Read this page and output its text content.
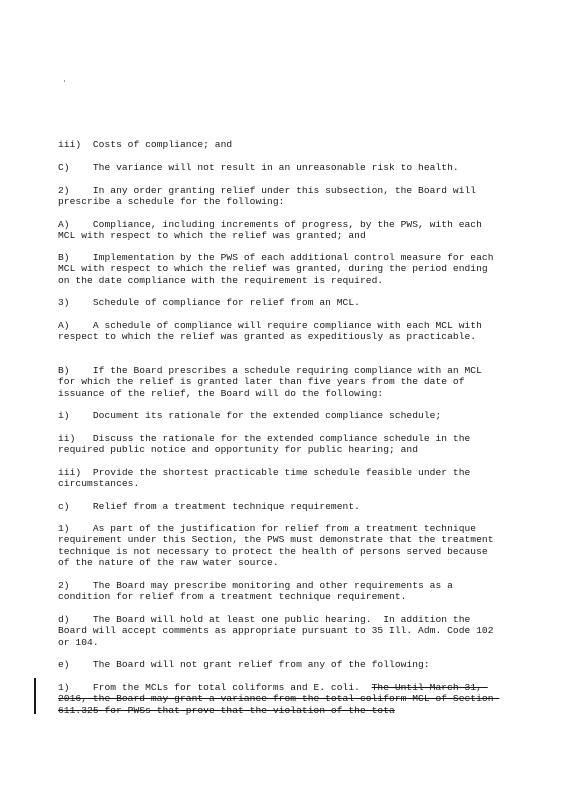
iii)  Costs of compliance; and
C)    The variance will not result in an unreasonable risk to health.
2)    In any order granting relief under this subsection, the Board will prescribe a schedule for the following:
A)    Compliance, including increments of progress, by the PWS, with each MCL with respect to which the relief was granted; and
B)    Implementation by the PWS of each additional control measure for each MCL with respect to which the relief was granted, during the period ending on the date compliance with the requirement is required.
3)    Schedule of compliance for relief from an MCL.
A)    A schedule of compliance will require compliance with each MCL with respect to which the relief was granted as expeditiously as practicable.
B)    If the Board prescribes a schedule requiring compliance with an MCL for which the relief is granted later than five years from the date of issuance of the relief, the Board will do the following:
i)    Document its rationale for the extended compliance schedule;
ii)   Discuss the rationale for the extended compliance schedule in the required public notice and opportunity for public hearing; and
iii)  Provide the shortest practicable time schedule feasible under the circumstances.
c)    Relief from a treatment technique requirement.
1)    As part of the justification for relief from a treatment technique requirement under this Section, the PWS must demonstrate that the treatment technique is not necessary to protect the health of persons served because of the nature of the raw water source.
2)    The Board may prescribe monitoring and other requirements as a condition for relief from a treatment technique requirement.
d)    The Board will hold at least one public hearing.  In addition the Board will accept comments as appropriate pursuant to 35 Ill. Adm. Code 102 or 104.
e)    The Board will not grant relief from any of the following:
1)    From the MCLs for total coliforms and E. coli.  The Until March 31, 2016, the Board may grant a variance from the total coliform MCL of Section 611.325 for PWSs that prove that the violation of the tota
